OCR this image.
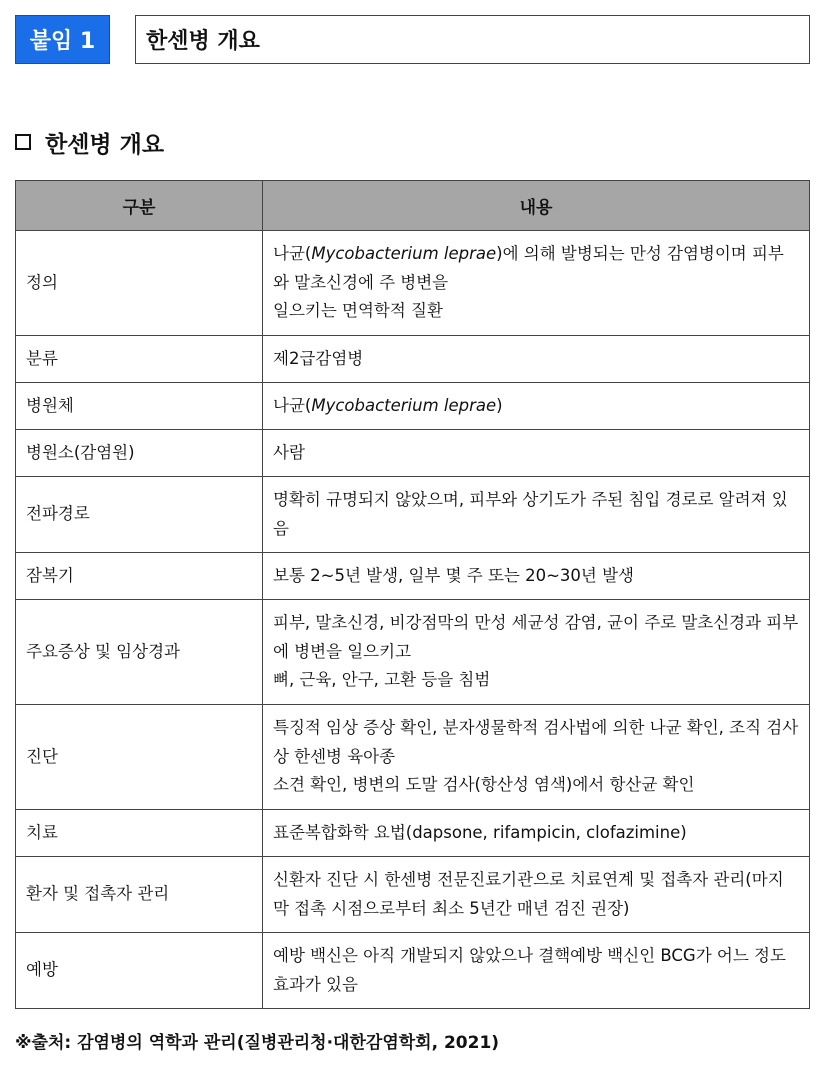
붙임 1	한센병 개요
한센병 개요
구분	내용
정의	나균(Mycobacterium leprae)에 의해 발병되는 만성 감염병이며 피부와 말초신경에 주 병변을
일으키는 면역학적 질환
분류	제2급감염병
병원체	나균(Mycobacterium leprae)
병원소(감염원)	사람
전파경로	명확히 규명되지 않았으며, 피부와 상기도가 주된 침입 경로로 알려져 있음
잠복기	보통 2~5년 발생, 일부 몇 주 또는 20~30년 발생
주요증상 및 임상경과	피부, 말초신경, 비강점막의 만성 세균성 감염, 균이 주로 말초신경과 피부에 병변을 일으키고
뼈, 근육, 안구, 고환 등을 침범
진단	특징적 임상 증상 확인, 분자생물학적 검사법에 의한 나균 확인, 조직 검사상 한센병 육아종
소견 확인, 병변의 도말 검사(항산성 염색)에서 항산균 확인
치료	표준복합화학 요법(dapsone, rifampicin, clofazimine)
환자 및 접촉자 관리	신환자 진단 시 한센병 전문진료기관으로 치료연계 및 접촉자 관리(마지막 접촉 시점으로부터 최소 5년간 매년 검진 권장)
예방	예방 백신은 아직 개발되지 않았으나 결핵예방 백신인 BCG가 어느 정도 효과가 있음
※출처: 감염병의 역학과 관리(질병관리청·대한감염학회, 2021)
